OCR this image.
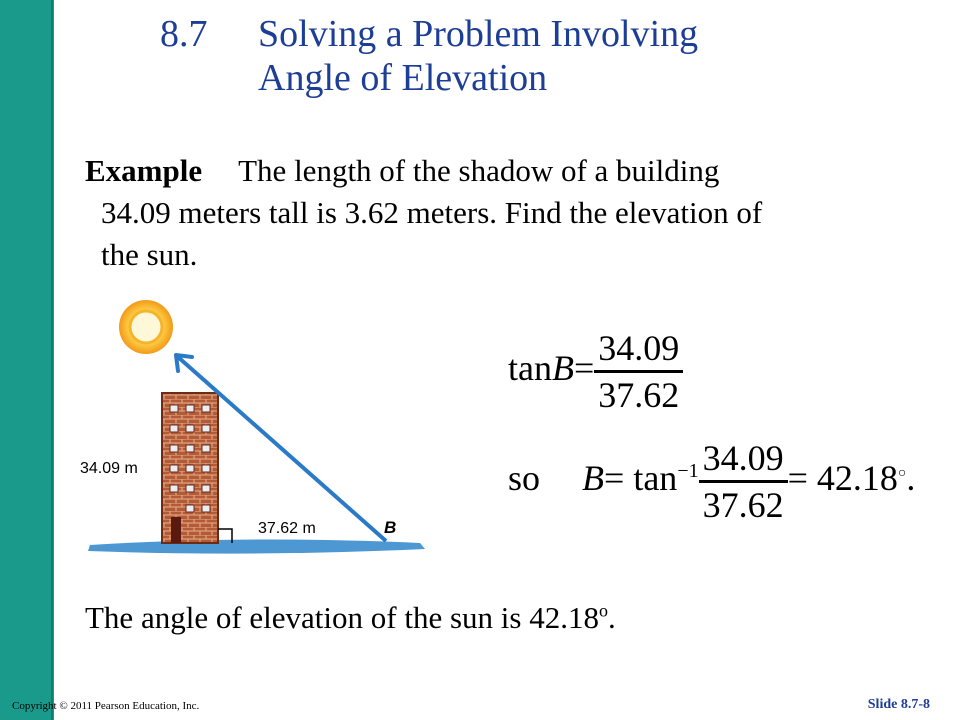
8.7 Solving a Problem Involving
Angle of Elevation
Example The length of the shadow of a building
34.09 meters tall is 3.62 meters. Find the elevation of
the sun.
34.09 m
37.62 m	B
$\tan B= \frac{34.09}{37.62}$
so $B= \tan^{-1} \frac{34.09}{37.62} = 42.18^○$.
The angle of elevation of the sun is 42.18$^o$.
Copyright © 2011 Pearson Education, Inc.	Slide 8.7-8
